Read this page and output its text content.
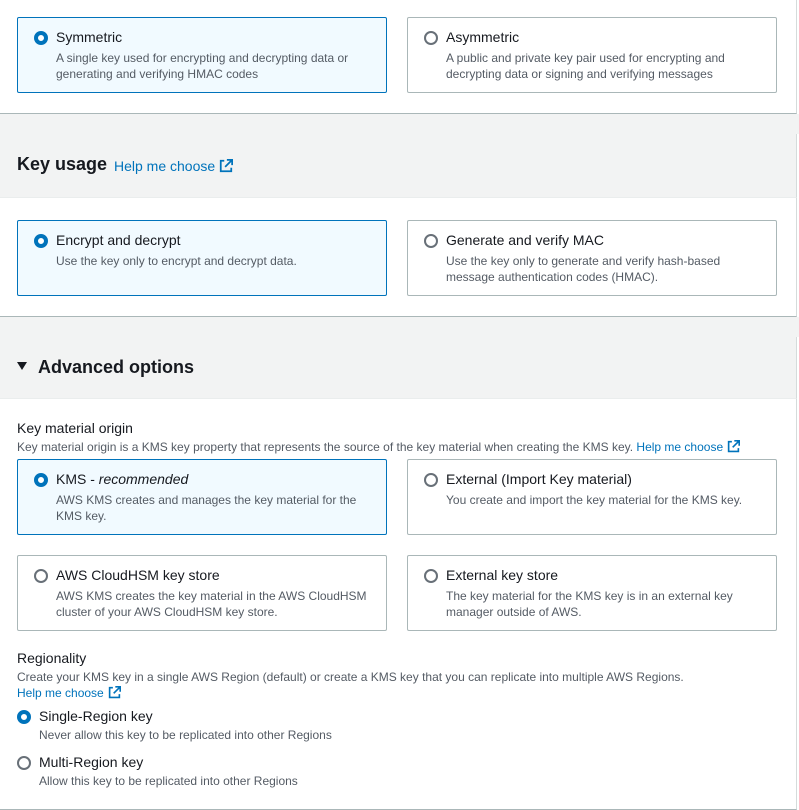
Symmetric
A single key used for encrypting and decrypting data or generating and verifying HMAC codes
Asymmetric
A public and private key pair used for encrypting and decrypting data or signing and verifying messages
Key usage Help me choose
Encrypt and decrypt
Use the key only to encrypt and decrypt data.
Generate and verify MAC
Use the key only to generate and verify hash-based message authentication codes (HMAC).
Advanced options
Key material origin
Key material origin is a KMS key property that represents the source of the key material when creating the KMS key. Help me choose
KMS - recommended
AWS KMS creates and manages the key material for the KMS key.
External (Import Key material)
You create and import the key material for the KMS key.
AWS CloudHSM key store
AWS KMS creates the key material in the AWS CloudHSM cluster of your AWS CloudHSM key store.
External key store
The key material for the KMS key is in an external key manager outside of AWS.
Regionality
Create your KMS key in a single AWS Region (default) or create a KMS key that you can replicate into multiple AWS Regions. Help me choose
Single-Region key
Never allow this key to be replicated into other Regions
Multi-Region key
Allow this key to be replicated into other Regions
